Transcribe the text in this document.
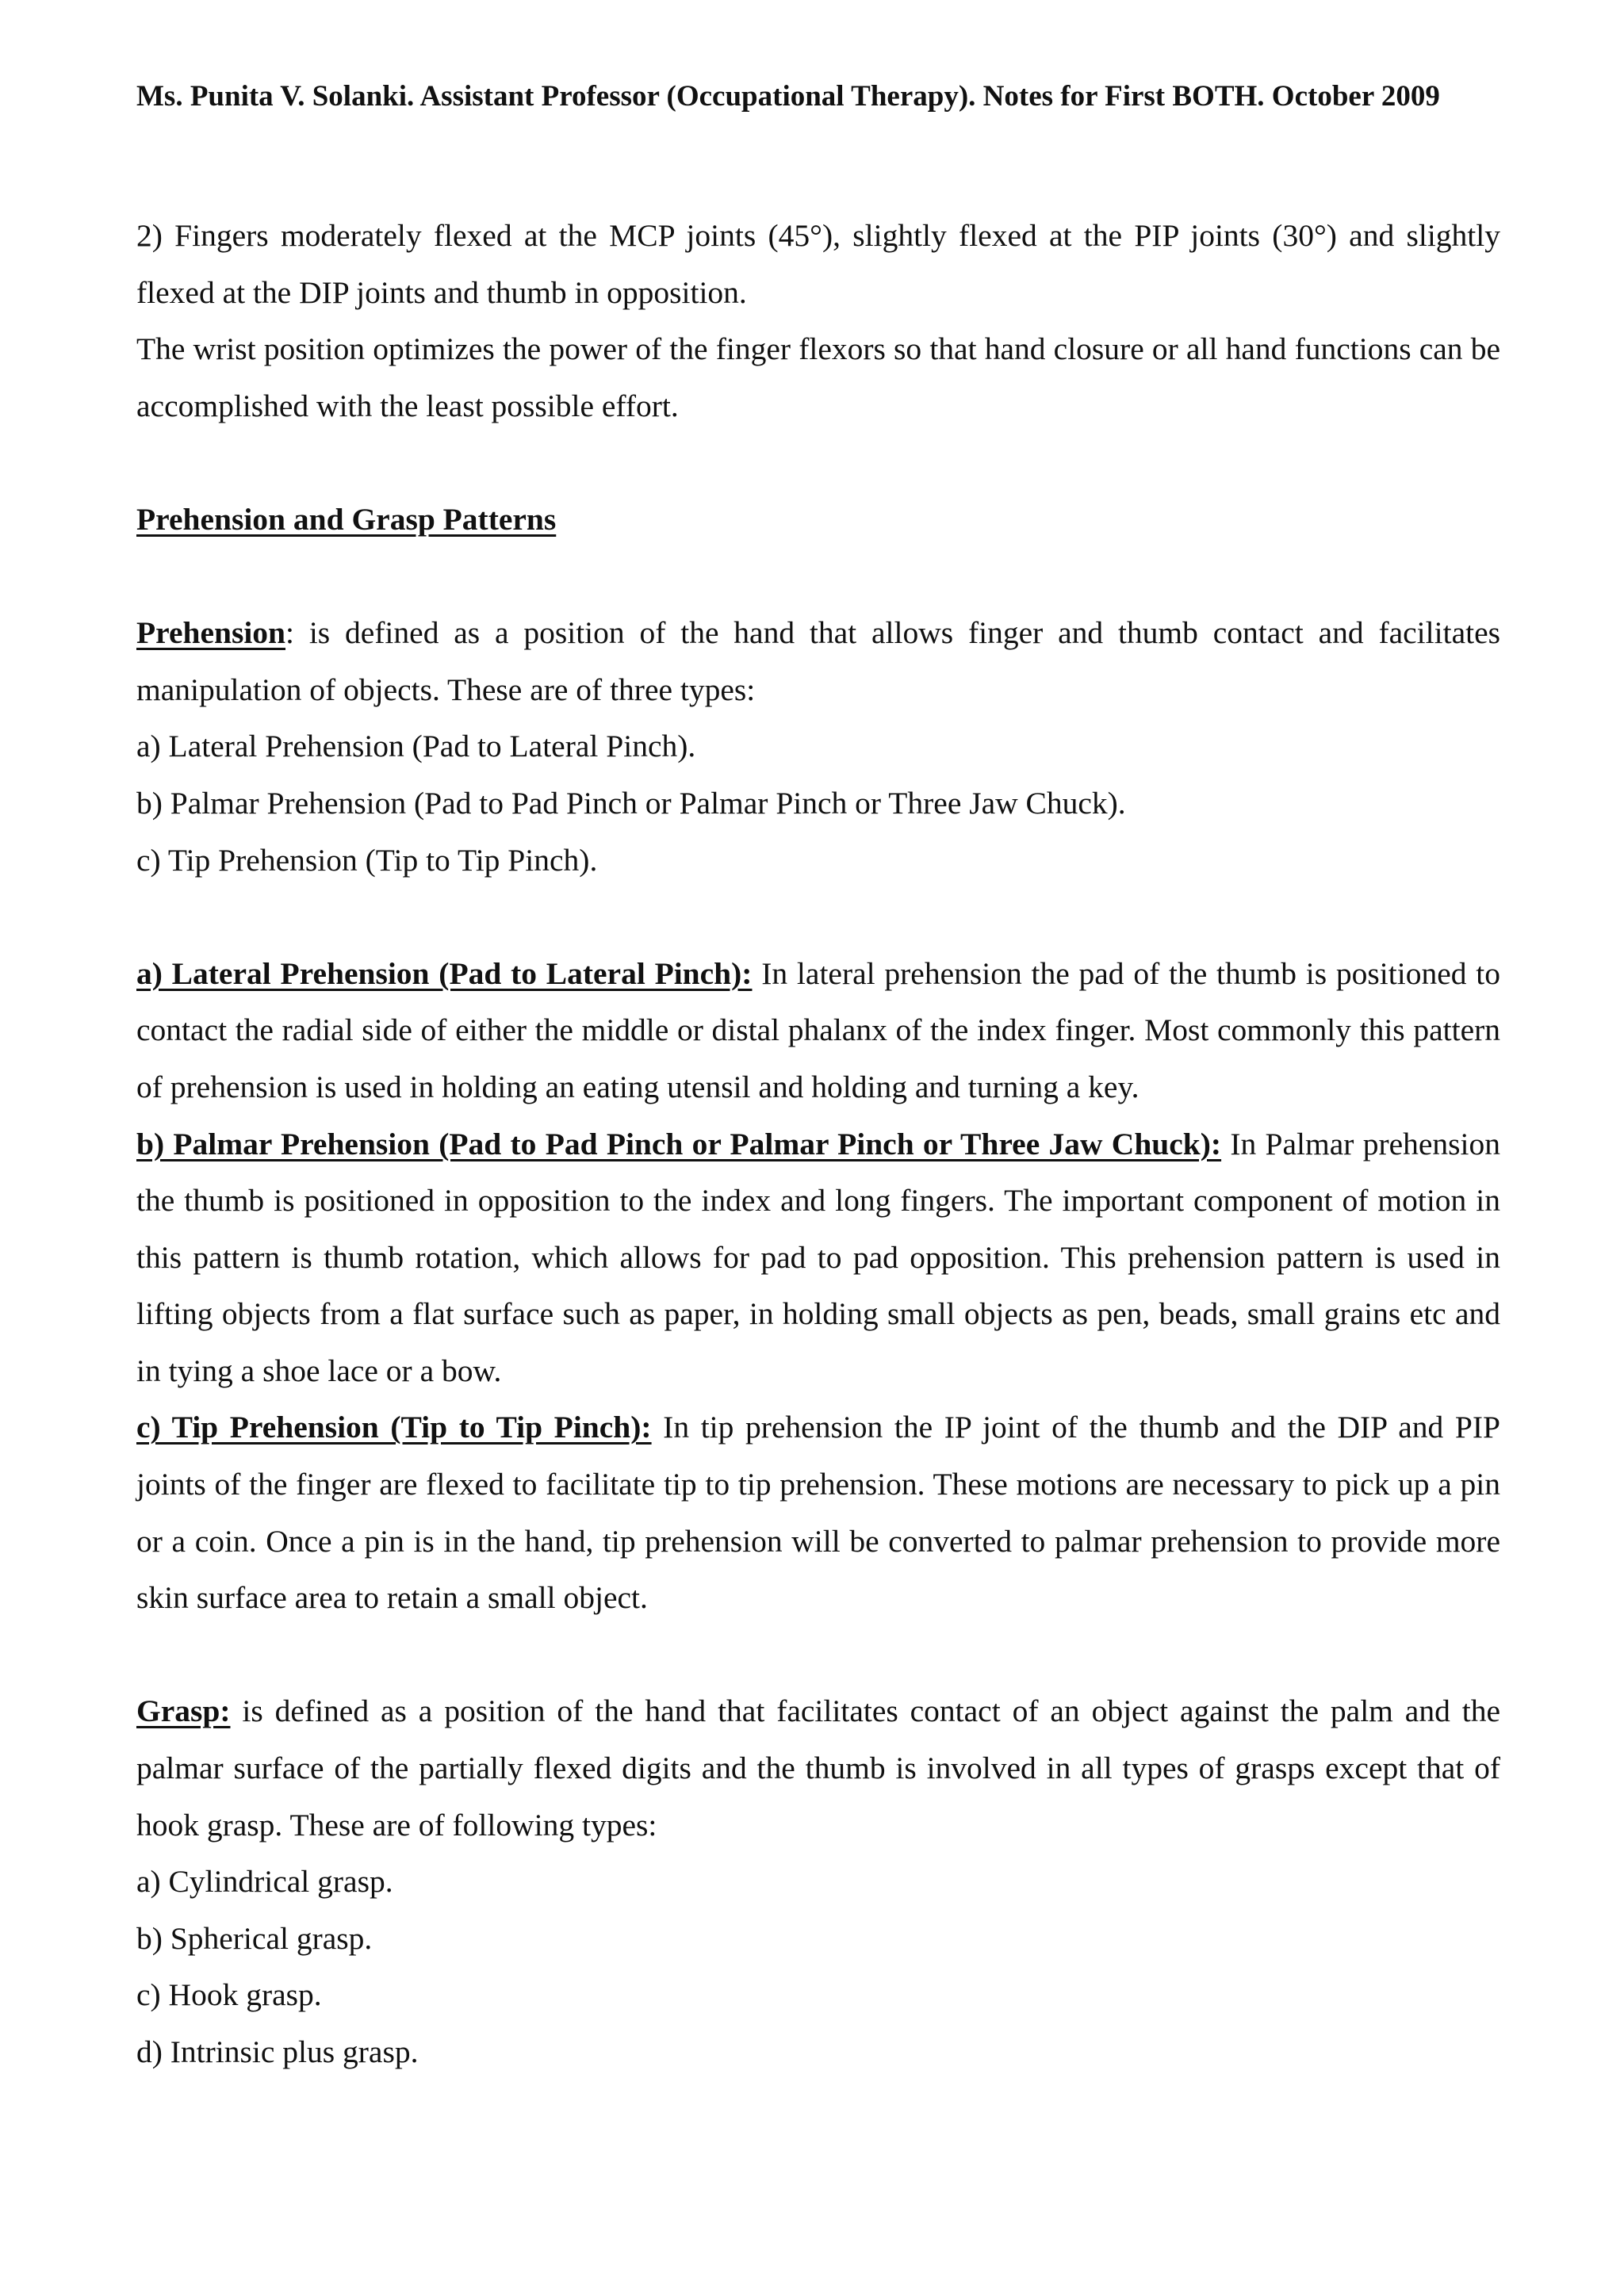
Ms. Punita V. Solanki. Assistant Professor (Occupational Therapy). Notes for First BOTH. October 2009

2) Fingers moderately flexed at the MCP joints (45°), slightly flexed at the PIP joints (30°) and slightly flexed at the DIP joints and thumb in opposition.

The wrist position optimizes the power of the finger flexors so that hand closure or all hand functions can be accomplished with the least possible effort.

Prehension and Grasp Patterns

Prehension: is defined as a position of the hand that allows finger and thumb contact and facilitates manipulation of objects. These are of three types:

a) Lateral Prehension (Pad to Lateral Pinch).

b) Palmar Prehension (Pad to Pad Pinch or Palmar Pinch or Three Jaw Chuck).

c) Tip Prehension (Tip to Tip Pinch).

a) Lateral Prehension (Pad to Lateral Pinch): In lateral prehension the pad of the thumb is positioned to contact the radial side of either the middle or distal phalanx of the index finger. Most commonly this pattern of prehension is used in holding an eating utensil and holding and turning a key.

b) Palmar Prehension (Pad to Pad Pinch or Palmar Pinch or Three Jaw Chuck): In Palmar prehension the thumb is positioned in opposition to the index and long fingers. The important component of motion in this pattern is thumb rotation, which allows for pad to pad opposition. This prehension pattern is used in lifting objects from a flat surface such as paper, in holding small objects as pen, beads, small grains etc and in tying a shoe lace or a bow.

c) Tip Prehension (Tip to Tip Pinch): In tip prehension the IP joint of the thumb and the DIP and PIP joints of the finger are flexed to facilitate tip to tip prehension. These motions are necessary to pick up a pin or a coin. Once a pin is in the hand, tip prehension will be converted to palmar prehension to provide more skin surface area to retain a small object.

Grasp: is defined as a position of the hand that facilitates contact of an object against the palm and the palmar surface of the partially flexed digits and the thumb is involved in all types of grasps except that of hook grasp. These are of following types:

a) Cylindrical grasp.

b) Spherical grasp.

c) Hook grasp.

d) Intrinsic plus grasp.
